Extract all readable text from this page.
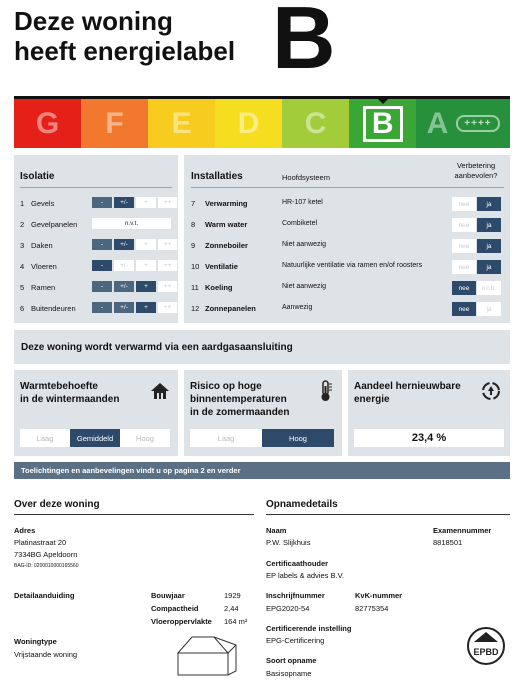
Deze woning
heeft energielabel B
G F E D C B A	++++
Isolatie
1 Gevels	-	+/-	+	++
2 Gevelpanelen	n.v.t.
3 Daken	-	+/-	+	++
4 Vloeren	-	+/-	+	++
5 Ramen	-	+/-	+	++
6 Buitendeuren	-	+/-	+	++
Installaties	Hoofdsysteem
Verbetering
aanbevolen?
7 Verwarming	HR-107 ketel	nee	ja
8 Warm water	Combiketel	nee	ja
9 Zonneboiler	Niet aanwezig	nee	ja
10 Ventilatie	Natuurlijke ventilatie via ramen en/of roosters	nee	ja
11 Koeling	Niet aanwezig	nee	n.t.b.
12 Zonnepanelen	Aanwezig	nee	ja
Deze woning wordt verwarmd via een aardgasaansluiting
Warmtebehoefte
in de wintermaanden
Laag	Gemiddeld	Hoog
Risico op hoge
binnentemperaturen
in de zomermaanden
Laag	Hoog
Aandeel hernieuwbare
energie
23,4 %
Toelichtingen en aanbevelingen vindt u op pagina 2 en verder
Over deze woning
Adres
Platinastraat 20
7334BG Apeldoorn
BAG-ID: 0200010000165560
Detailaanduiding	Bouwjaar	1929
Compactheid	2,44
Vloeroppervlakte 164 m²
Woningtype
Vrijstaande woning
Opnamedetails
Naam
P.W. Slijkhuis
Examennummer
8818501
Certificaathouder
EP labels & advies B.V.
Inschrijfnummer
EPG2020-54
KvK-nummer
82775354
Certificerende instelling
EPG-Certificering
Soort opname
Basisopname
EPBD
